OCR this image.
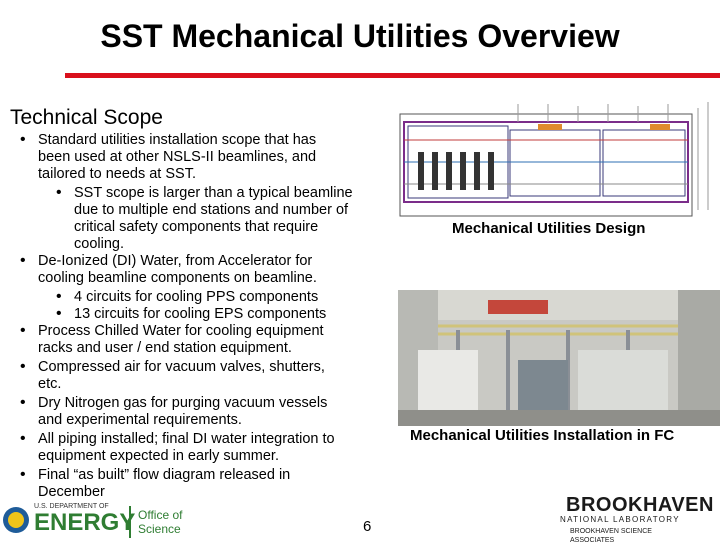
SST Mechanical Utilities Overview
Technical Scope
• Standard utilities installation scope that has
been used at other NSLS-II beamlines, and
tailored to needs at SST.
• SST scope is larger than a typical beamline
due to multiple end stations and number of
critical safety components that require
cooling.
• De-Ionized (DI) Water, from Accelerator for
cooling beamline components on beamline.
• 4 circuits for cooling PPS components
• 13 circuits for cooling EPS components
• Process Chilled Water for cooling equipment
racks and user / end station equipment.
• Compressed air for vacuum valves, shutters,
etc.
• Dry Nitrogen gas for purging vacuum vessels
and experimental requirements.
• All piping installed; final DI water integration to
equipment expected in early summer.
• Final “as built” flow diagram released in
December
Mechanical Utilities Design
Mechanical Utilities Installation in FC
U.S. DEPARTMENT OF
ENERGY Office of
Science	6
BROOKHAVEN
NATIONAL LABORATORY
BROOKHAVEN SCIENCE ASSOCIATES
